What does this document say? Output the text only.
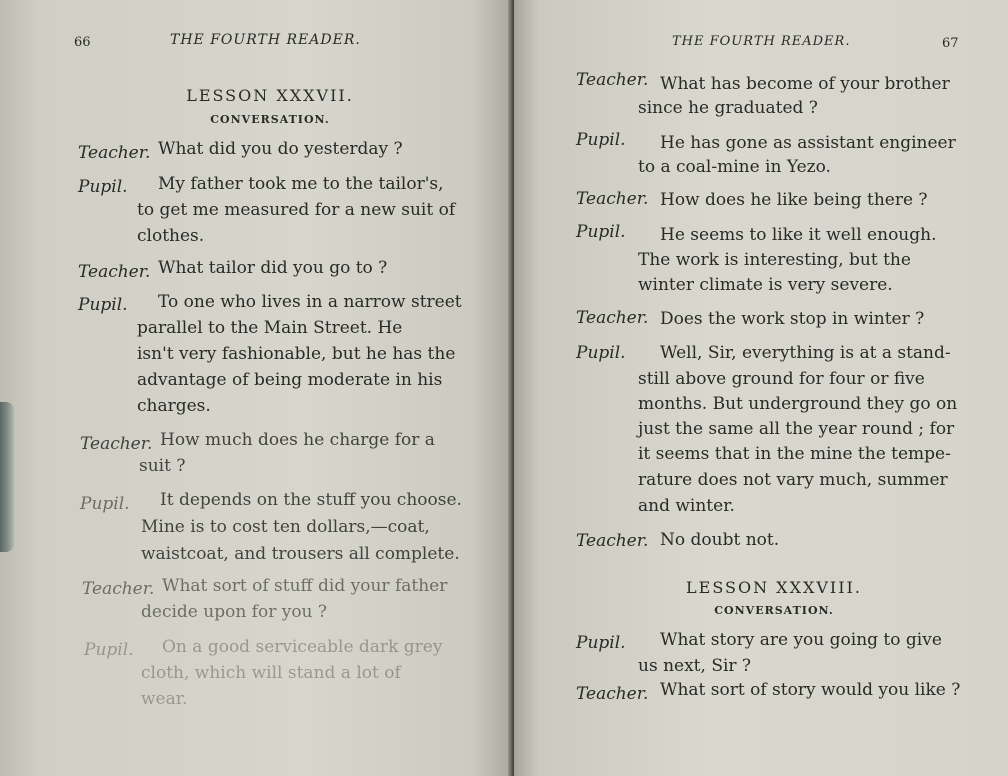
66	THE FOURTH READER.
LESSON XXXVII.
CONVERSATION.
Teacher. What did you do yesterday ?
Pupil. My father took me to the tailor's,
to get me measured for a new suit of
clothes.
Teacher. What tailor did you go to ?
Pupil. To one who lives in a narrow street
parallel to the Main Street. He
isn't very fashionable, but he has the
advantage of being moderate in his
charges.
Teacher. How much does he charge for a
suit ?
Pupil. It depends on the stuff you choose.
Mine is to cost ten dollars,—coat,
waistcoat, and trousers all complete.
Teacher. What sort of stuff did your father
decide upon for you ?
Pupil. On a good serviceable dark grey
cloth, which will stand a lot of
wear.
THE FOURTH READER.	67
Teacher. What has become of your brother
since he graduated ?
Pupil. He has gone as assistant engineer
to a coal-mine in Yezo.
Teacher. How does he like being there ?
Pupil. He seems to like it well enough.
The work is interesting, but the
winter climate is very severe.
Teacher. Does the work stop in winter ?
Pupil. Well, Sir, everything is at a stand-
still above ground for four or five
months. But underground they go on
just the same all the year round ; for
it seems that in the mine the tempe-
rature does not vary much, summer
and winter.
Teacher. No doubt not.
LESSON XXXVIII.
CONVERSATION.
Pupil. What story are you going to give
us next, Sir ?
Teacher. What sort of story would you like ?
